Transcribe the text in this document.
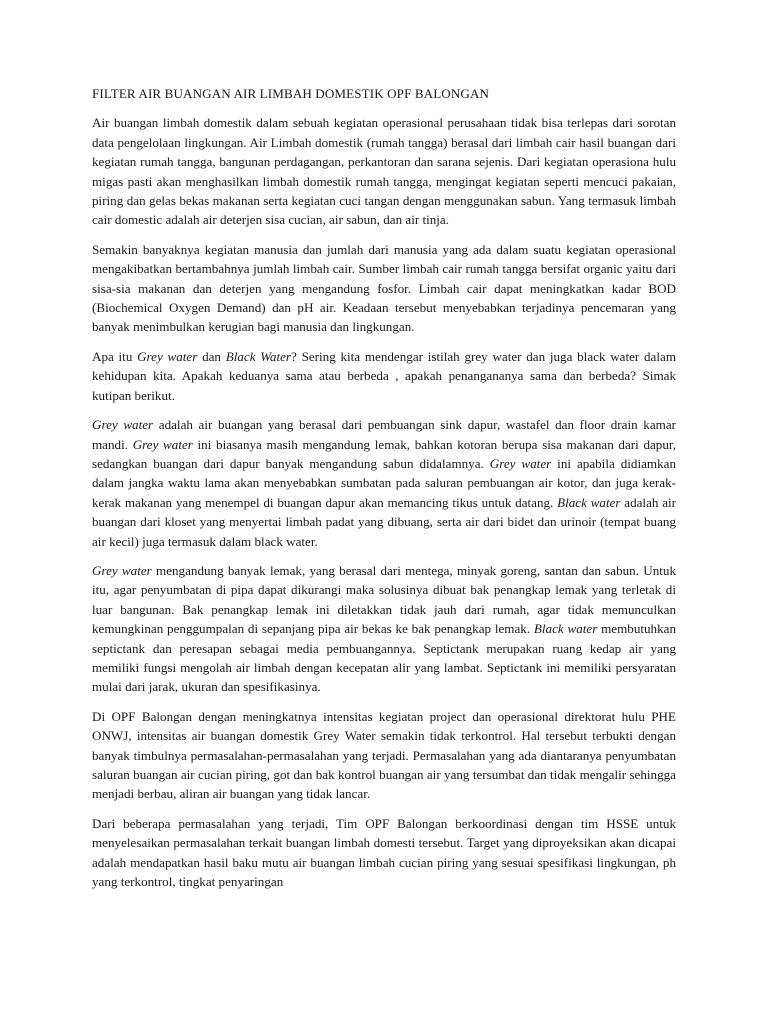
FILTER AIR BUANGAN AIR LIMBAH DOMESTIK OPF BALONGAN

Air buangan limbah domestik dalam sebuah kegiatan operasional perusahaan tidak bisa terlepas dari sorotan data pengelolaan lingkungan. Air Limbah domestik (rumah tangga) berasal dari limbah cair hasil buangan dari kegiatan rumah tangga, bangunan perdagangan, perkantoran dan sarana sejenis. Dari kegiatan operasiona hulu migas pasti akan menghasilkan limbah domestik rumah tangga, mengingat kegiatan seperti mencuci pakaian, piring dan gelas bekas makanan serta kegiatan cuci tangan dengan menggunakan sabun. Yang termasuk limbah cair domestic adalah air deterjen sisa cucian, air sabun, dan air tinja.

Semakin banyaknya kegiatan manusia dan jumlah dari manusia yang ada dalam suatu kegiatan operasional mengakibatkan bertambahnya jumlah limbah cair. Sumber limbah cair rumah tangga bersifat organic yaitu dari sisa-sia makanan dan deterjen yang mengandung fosfor. Limbah cair dapat meningkatkan kadar BOD (Biochemical Oxygen Demand) dan pH air. Keadaan tersebut menyebabkan terjadinya pencemaran yang banyak menimbulkan kerugian bagi manusia dan lingkungan.

Apa itu Grey water dan Black Water? Sering kita mendengar istilah grey water dan juga black water dalam kehidupan kita. Apakah keduanya sama atau berbeda , apakah penangananya sama dan berbeda? Simak kutipan berikut.

Grey water adalah air buangan yang berasal dari pembuangan sink dapur, wastafel dan floor drain kamar mandi. Grey water ini biasanya masih mengandung lemak, bahkan kotoran berupa sisa makanan dari dapur, sedangkan buangan dari dapur banyak mengandung sabun didalamnya. Grey water ini apabila didiamkan dalam jangka waktu lama akan menyebabkan sumbatan pada saluran pembuangan air kotor, dan juga kerak-kerak makanan yang menempel di buangan dapur akan memancing tikus untuk datang. Black water adalah air buangan dari kloset yang menyertai limbah padat yang dibuang, serta air dari bidet dan urinoir (tempat buang air kecil) juga termasuk dalam black water.

Grey water mengandung banyak lemak, yang berasal dari mentega, minyak goreng, santan dan sabun. Untuk itu, agar penyumbatan di pipa dapat dikurangi maka solusinya dibuat bak penangkap lemak yang terletak di luar bangunan. Bak penangkap lemak ini diletakkan tidak jauh dari rumah, agar tidak memunculkan kemungkinan penggumpalan di sepanjang pipa air bekas ke bak penangkap lemak. Black water membutuhkan septictank dan peresapan sebagai media pembuangannya. Septictank merupakan ruang kedap air yang memiliki fungsi mengolah air limbah dengan kecepatan alir yang lambat. Septictank ini memiliki persyaratan mulai dari jarak, ukuran dan spesifikasinya.

Di OPF Balongan dengan meningkatnya intensitas kegiatan project dan operasional direktorat hulu PHE ONWJ, intensitas air buangan domestik Grey Water semakin tidak terkontrol. Hal tersebut terbukti dengan banyak timbulnya permasalahan-permasalahan yang terjadi. Permasalahan yang ada diantaranya penyumbatan saluran buangan air cucian piring, got dan bak kontrol buangan air yang tersumbat dan tidak mengalir sehingga menjadi berbau, aliran air buangan yang tidak lancar.

Dari beberapa permasalahan yang terjadi, Tim OPF Balongan berkoordinasi dengan tim HSSE untuk menyelesaikan permasalahan terkait buangan limbah domesti tersebut. Target yang diproyeksikan akan dicapai adalah mendapatkan hasil baku mutu air buangan limbah cucian piring yang sesuai spesifikasi lingkungan, ph yang terkontrol, tingkat penyaringan
